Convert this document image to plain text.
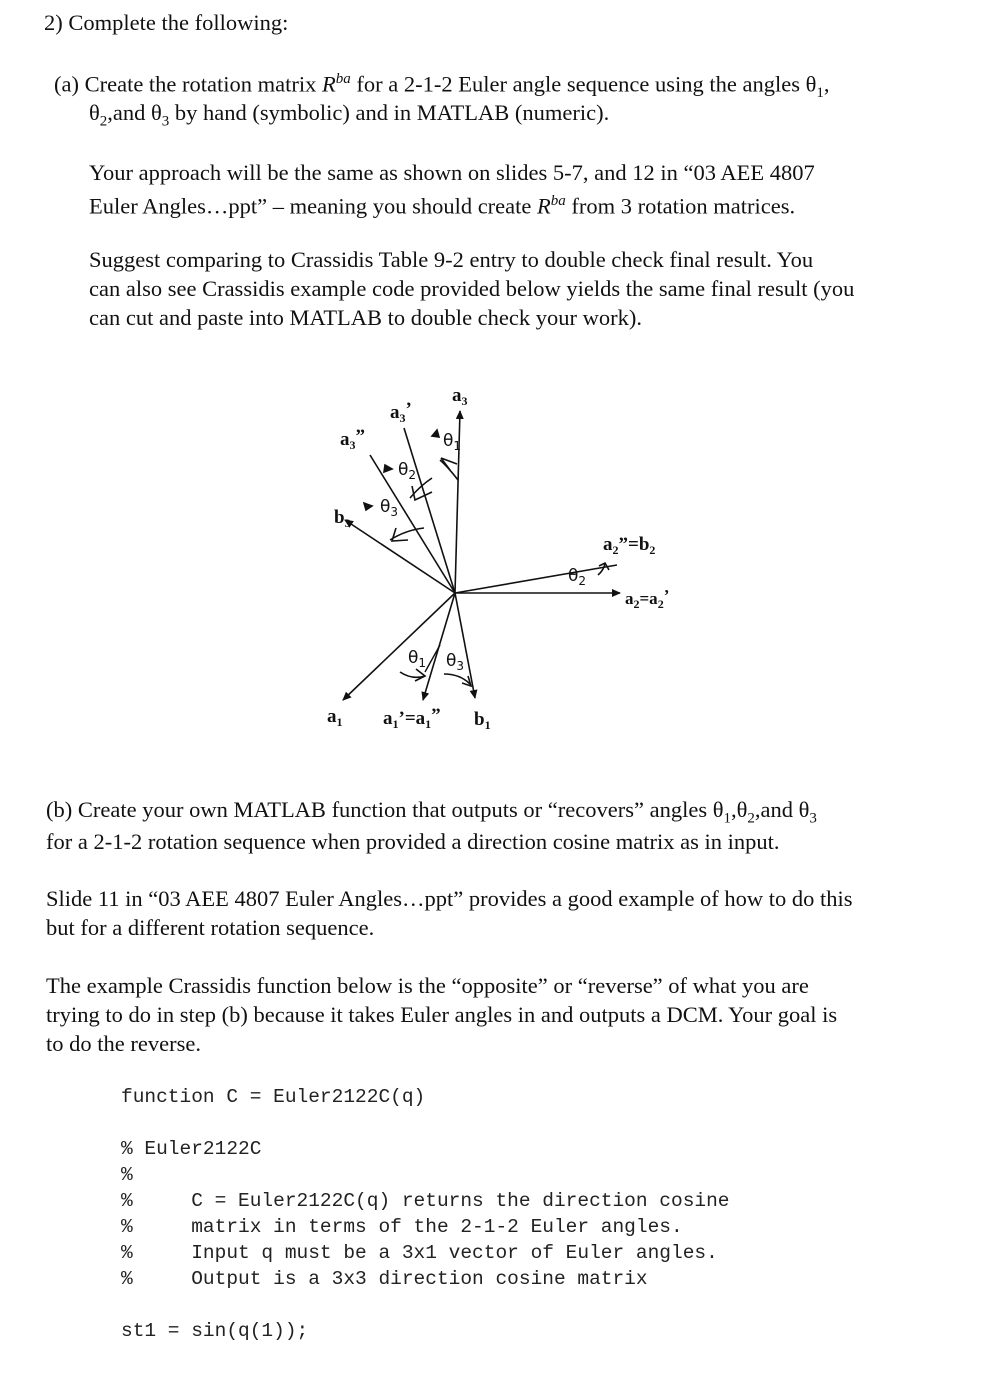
2) Complete the following:
(a) Create the rotation matrix $R^{ba}$ for a 2-1-2 Euler angle sequence using the angles $\theta_1$,
$\theta_2,and$ $\theta_3$ by hand (symbolic) and in MATLAB (numeric).
Your approach will be the same as shown on slides 5-7, and 12 in “03 AEE 4807
Euler Angles…ppt” – meaning you should create $R^{ba}$ from 3 rotation matrices.
Suggest comparing to Crassidis Table 9-2 entry to double check final result. You
can also see Crassidis example code provided below yields the same final result (you
can cut and paste into MATLAB to double check your work).
$a_3$
$a_3$’
$a_3$”
$b_3$
$\theta_1$
$\theta_2$
$\theta_3$
$\theta_2$
$a_2”=b_2$
$a_2=a_2$’
$\theta_1$ $\theta_3$
$a_1$ $a_1’=a_1$” $b_1$
(b) Create your own MATLAB function that outputs or “recovers” angles $\theta_1,\theta_2,and$ $\theta_3$
for a 2-1-2 rotation sequence when provided a direction cosine matrix as in input.
Slide 11 in “03 AEE 4807 Euler Angles…ppt” provides a good example of how to do this
but for a different rotation sequence.
The example Crassidis function below is the “opposite” or “reverse” of what you are
trying to do in step (b) because it takes Euler angles in and outputs a DCM. Your goal is
to do the reverse.
function C = Euler2122C(q)
% Euler2122C
%
%     C = Euler2122C(q) returns the direction cosine
%     matrix in terms of the 2-1-2 Euler angles.
%     Input q must be a 3x1 vector of Euler angles.
%     Output is a 3x3 direction cosine matrix
st1 = sin(q(1));
